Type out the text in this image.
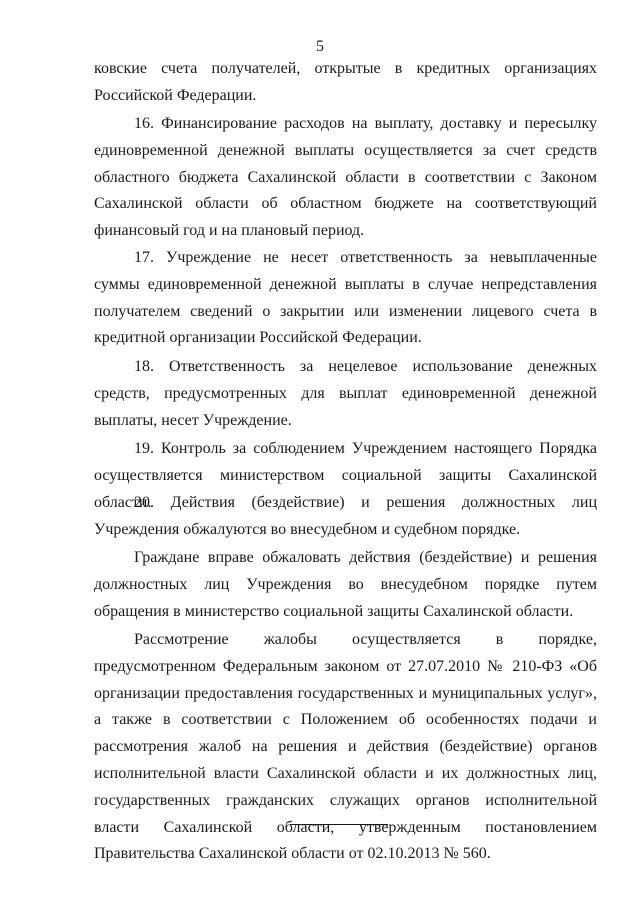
5

ковские счета получателей, открытые в кредитных организациях Российской Федерации.

16. Финансирование расходов на выплату, доставку и пересылку единовременной денежной выплаты осуществляется за счет средств областного бюджета Сахалинской области в соответствии с Законом Сахалинской области об областном бюджете на соответствующий финансовый год и на плановый период.

17. Учреждение не несет ответственность за невыплаченные суммы единовременной денежной выплаты в случае непредставления получателем сведений о закрытии или изменении лицевого счета в кредитной организации Российской Федерации.

18. Ответственность за нецелевое использование денежных средств, предусмотренных для выплат единовременной денежной выплаты, несет Учреждение.

19. Контроль за соблюдением Учреждением настоящего Порядка осуществляется министерством социальной защиты Сахалинской области.

20. Действия (бездействие) и решения должностных лиц Учреждения обжалуются во внесудебном и судебном порядке.

Граждане вправе обжаловать действия (бездействие) и решения должностных лиц Учреждения во внесудебном порядке путем обращения в министерство социальной защиты Сахалинской области.

Рассмотрение жалобы осуществляется в порядке, предусмотренном Федеральным законом от 27.07.2010 № 210-ФЗ «Об организации предоставления государственных и муниципальных услуг», а также в соответствии с Положением об особенностях подачи и рассмотрения жалоб на решения и действия (бездействие) органов исполнительной власти Сахалинской области и их должностных лиц, государственных гражданских служащих органов исполнительной власти Сахалинской области, утвержденным постановлением Правительства Сахалинской области от 02.10.2013 № 560.
